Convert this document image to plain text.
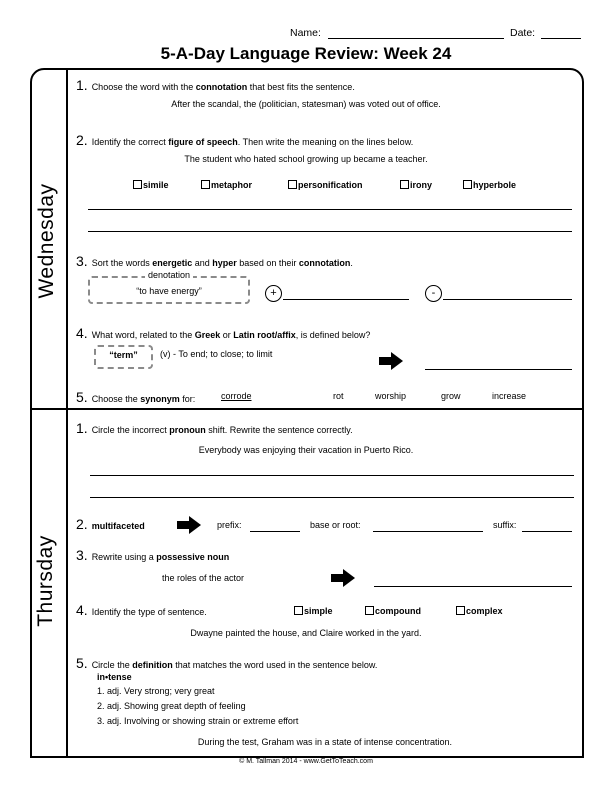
Name:	Date:
5-A-Day Language Review: Week 24
Wednesday
Thursday
1. Choose the word with the connotation that best fits the sentence.
After the scandal, the (politician, statesman) was voted out of office.
2. Identify the correct figure of speech. Then write the meaning on the lines below.
The student who hated school growing up became a teacher.
simile	metaphor	personification	irony	hyperbole
3. Sort the words energetic and hyper based on their connotation.
denotation
“to have energy”	+	-
4. What word, related to the Greek or Latin root/affix, is defined below?
“term”	(v) - To end; to close; to limit
5. Choose the synonym for:	corrode	rot	worship	grow	increase
1. Circle the incorrect pronoun shift. Rewrite the sentence correctly.
Everybody was enjoying their vacation in Puerto Rico.
2. multifaceted	prefix:	base or root:	suffix:
3. Rewrite using a possessive noun
the roles of the actor
4. Identify the type of sentence.	simple	compound	complex
Dwayne painted the house, and Claire worked in the yard.
5. Circle the definition that matches the word used in the sentence below.
in•tense
1. adj. Very strong; very great
2. adj. Showing great depth of feeling
3. adj. Involving or showing strain or extreme effort
During the test, Graham was in a state of intense concentration.
© M. Tallman 2014 - www.GetToTeach.com
